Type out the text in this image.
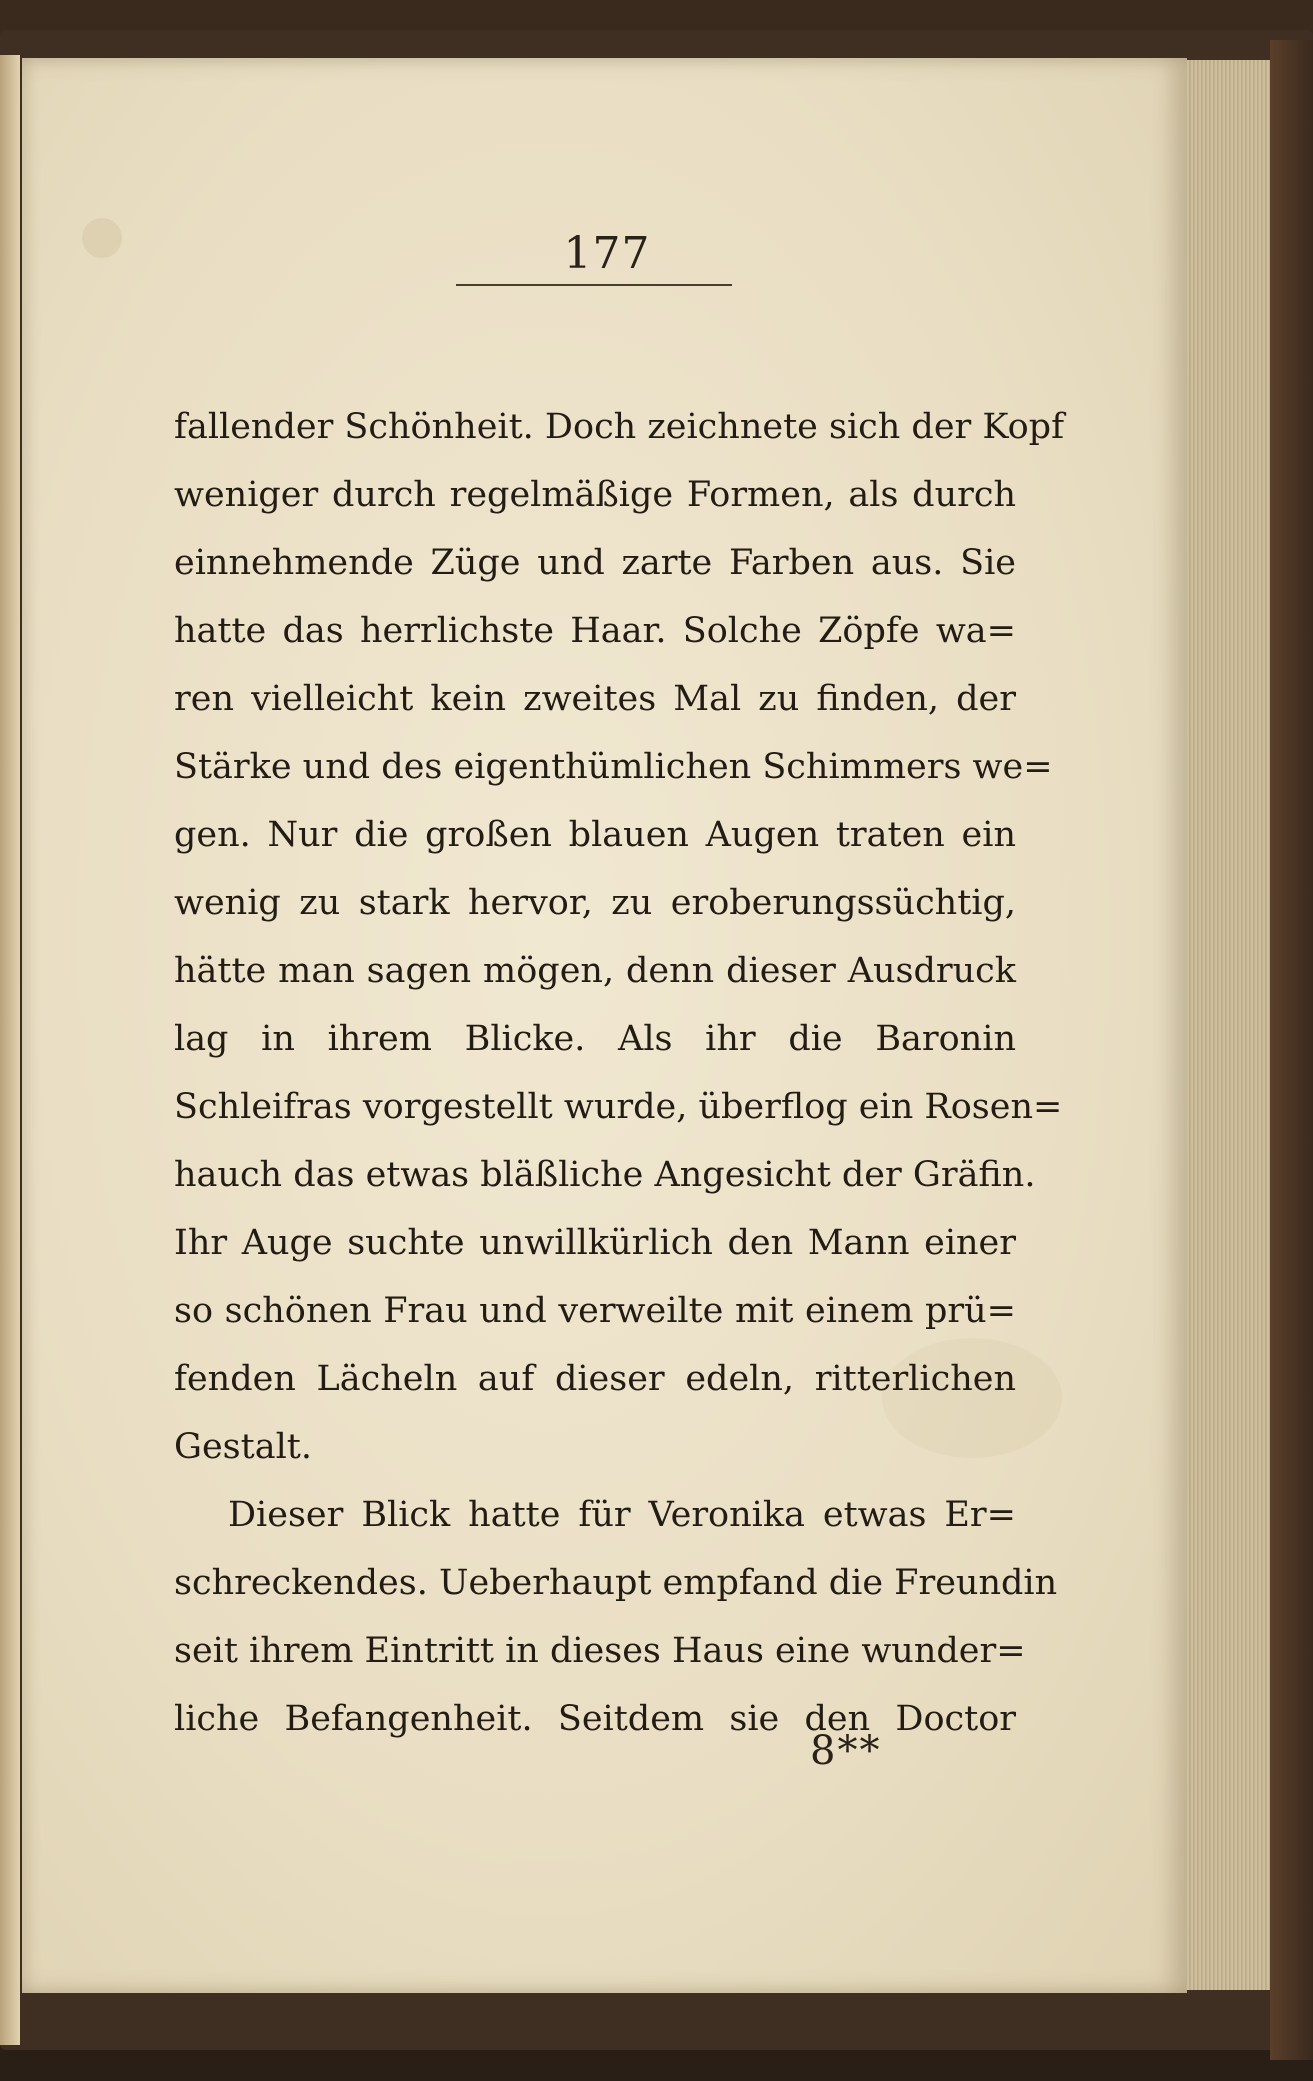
177
fallender Schönheit. Doch zeichnete sich der Kopf
weniger durch regelmäßige Formen, als durch
einnehmende Züge und zarte Farben aus. Sie
hatte das herrlichste Haar. Solche Zöpfe wa=
ren vielleicht kein zweites Mal zu finden, der
Stärke und des eigenthümlichen Schimmers we=
gen. Nur die großen blauen Augen traten ein
wenig zu stark hervor, zu eroberungssüchtig,
hätte man sagen mögen, denn dieser Ausdruck
lag in ihrem Blicke. Als ihr die Baronin
Schleifras vorgestellt wurde, überflog ein Rosen=
hauch das etwas bläßliche Angesicht der Gräfin.
Ihr Auge suchte unwillkürlich den Mann einer
so schönen Frau und verweilte mit einem prü=
fenden Lächeln auf dieser edeln, ritterlichen
Gestalt.
Dieser Blick hatte für Veronika etwas Er=
schreckendes. Ueberhaupt empfand die Freundin
seit ihrem Eintritt in dieses Haus eine wunder=
liche Befangenheit. Seitdem sie den Doctor
8**
